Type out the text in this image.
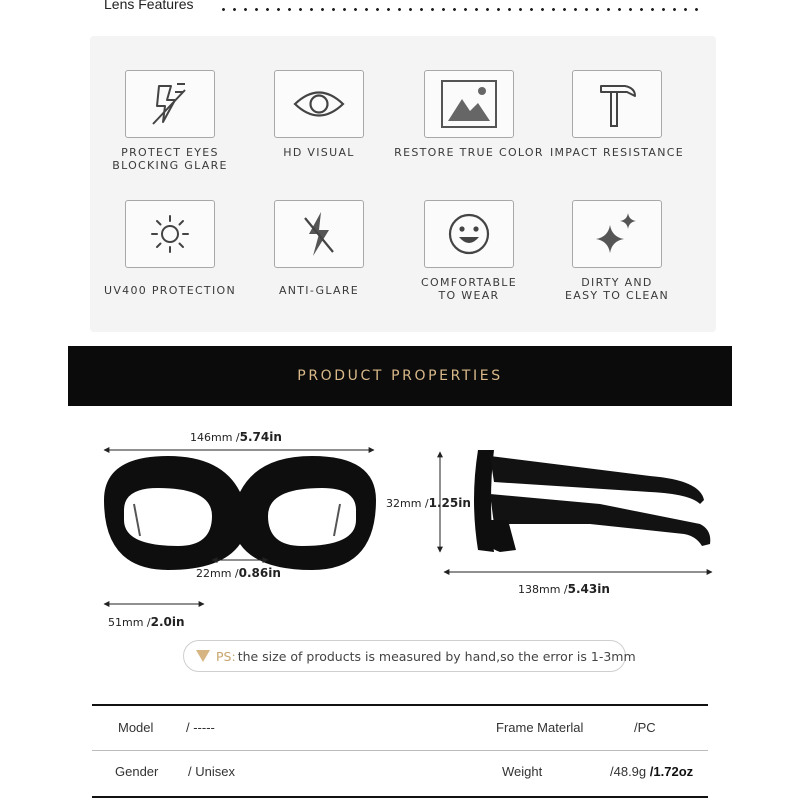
Lens Features
PROTECT EYES
BLOCKING GLARE
HD VISUAL	RESTORE TRUE COLOR IMPACT RESISTANCE
UV400 PROTECTION	ANTI-GLARE
COMFORTABLE
TO WEAR
DIRTY AND
EASY TO CLEAN
PRODUCT PROPERTIES
146mm /5.74in
22mm /0.86in
51mm /2.0in
32mm /1.25in
138mm /5.43in
PS: the size of products is measured by hand,so the error is 1-3mm
Model	/ -----	Frame Materlal	/PC
Gender / Unisex	Weight	/48.9g /1.72oz
